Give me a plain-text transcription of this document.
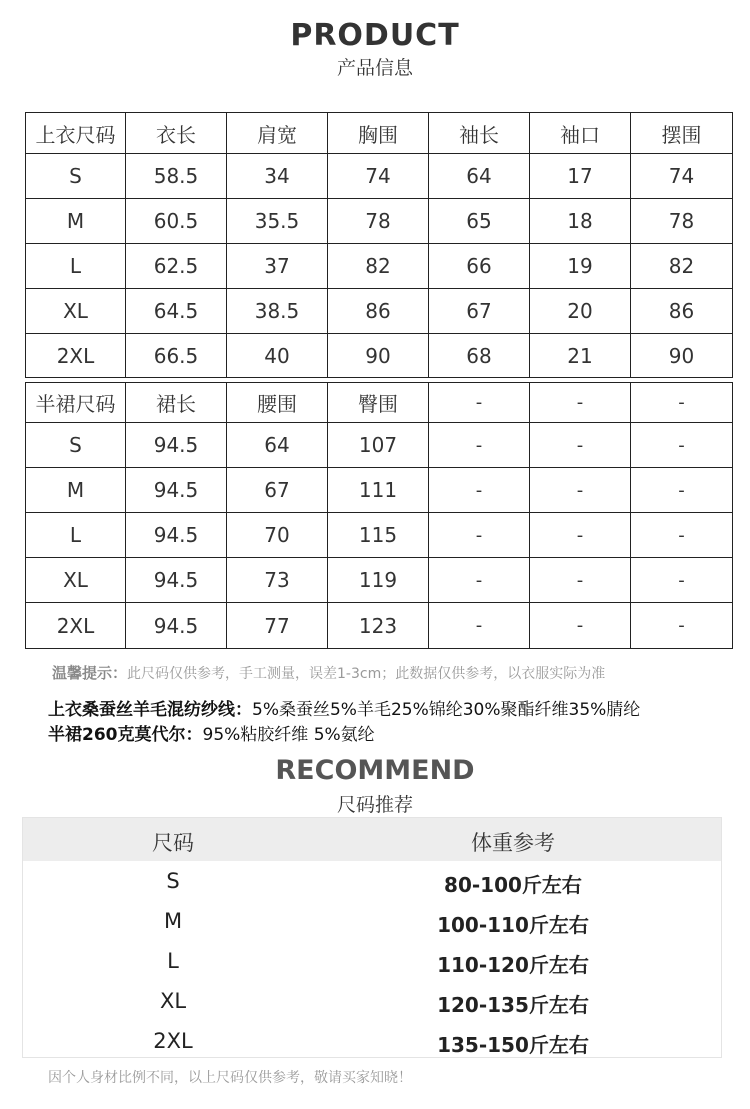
PRODUCT
产品信息
上衣尺码	衣长	肩宽	胸围	袖长	袖口	摆围
S	58.5	34	74	64	17	74
M	60.5	35.5	78	65	18	78
L	62.5	37	82	66	19	82
XL	64.5	38.5	86	67	20	86
2XL	66.5	40	90	68	21	90
半裙尺码	裙长	腰围	臀围	-	-	-
S	94.5	64	107	-	-	-
M	94.5	67	111	-	-	-
L	94.5	70	115	-	-	-
XL	94.5	73	119	-	-	-
2XL	94.5	77	123	-	-	-
温馨提示：此尺码仅供参考，手工测量，误差1-3cm；此数据仅供参考，以衣服实际为准
上衣桑蚕丝羊毛混纺纱线：5%桑蚕丝5%羊毛25%锦纶30%聚酯纤维35%腈纶
半裙260克莫代尔：95%粘胶纤维 5%氨纶
RECOMMEND
尺码推荐
尺码	体重参考
S	80-100斤左右
M	100-110斤左右
L	110-120斤左右
XL	120-135斤左右
2XL	135-150斤左右
因个人身材比例不同，以上尺码仅供参考，敬请买家知晓！
